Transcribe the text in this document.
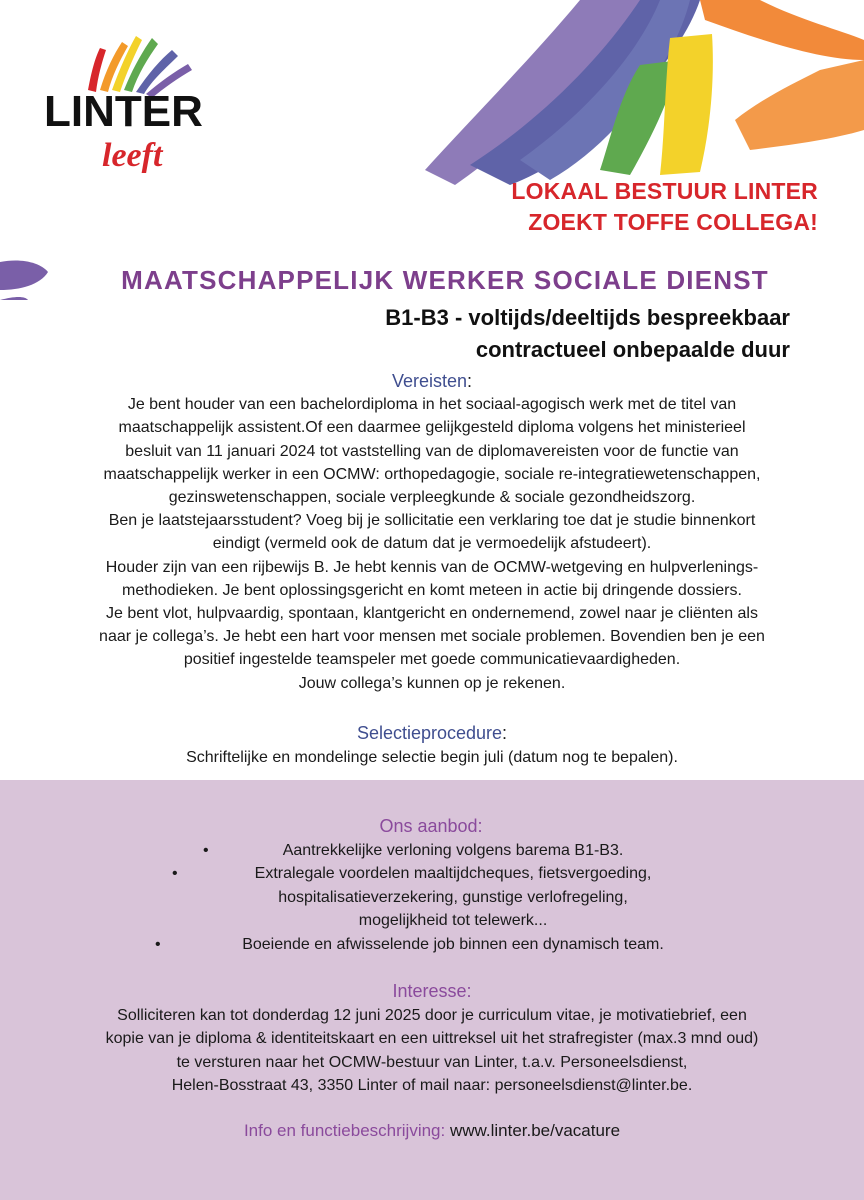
LINTER
leeft
LOKAAL BESTUUR LINTER
ZOEKT TOFFE COLLEGA!
MAATSCHAPPELIJK WERKER SOCIALE DIENST
B1-B3 - voltijds/deeltijds bespreekbaar
contractueel onbepaalde duur
Vereisten:
Je bent houder van een bachelordiploma in het sociaal-agogisch werk met de titel van
maatschappelijk assistent.Of een daarmee gelijkgesteld diploma volgens het ministerieel
besluit van 11 januari 2024 tot vaststelling van de diplomavereisten voor de functie van
maatschappelijk werker in een OCMW: orthopedagogie, sociale re-integratiewetenschappen,
gezinswetenschappen, sociale verpleegkunde & sociale gezondheidszorg.
Ben je laatstejaarsstudent? Voeg bij je sollicitatie een verklaring toe dat je studie binnenkort
eindigt (vermeld ook de datum dat je vermoedelijk afstudeert).
Houder zijn van een rijbewijs B. Je hebt kennis van de OCMW-wetgeving en hulpverlenings-
methodieken. Je bent oplossingsgericht en komt meteen in actie bij dringende dossiers.
Je bent vlot, hulpvaardig, spontaan, klantgericht en ondernemend, zowel naar je cliënten als
naar je collega’s. Je hebt een hart voor mensen met sociale problemen. Bovendien ben je een
positief ingestelde teamspeler met goede communicatievaardigheden.
Jouw collega’s kunnen op je rekenen.
Selectieprocedure:
Schriftelijke en mondelinge selectie begin juli (datum nog te bepalen).
Ons aanbod:
•	Aantrekkelijke verloning volgens barema B1-B3.
•	Extralegale voordelen maaltijdcheques, fietsvergoeding,
hospitalisatieverzekering, gunstige verlofregeling,
mogelijkheid tot telewerk...
•	Boeiende en afwisselende job binnen een dynamisch team.
Interesse:
Solliciteren kan tot donderdag 12 juni 2025 door je curriculum vitae, je motivatiebrief, een
kopie van je diploma & identiteitskaart en een uittreksel uit het strafregister (max.3 mnd oud)
te versturen naar het OCMW-bestuur van Linter, t.a.v. Personeelsdienst,
Helen-Bosstraat 43, 3350 Linter of mail naar: personeelsdienst@linter.be.
Info en functiebeschrijving: www.linter.be/vacature
